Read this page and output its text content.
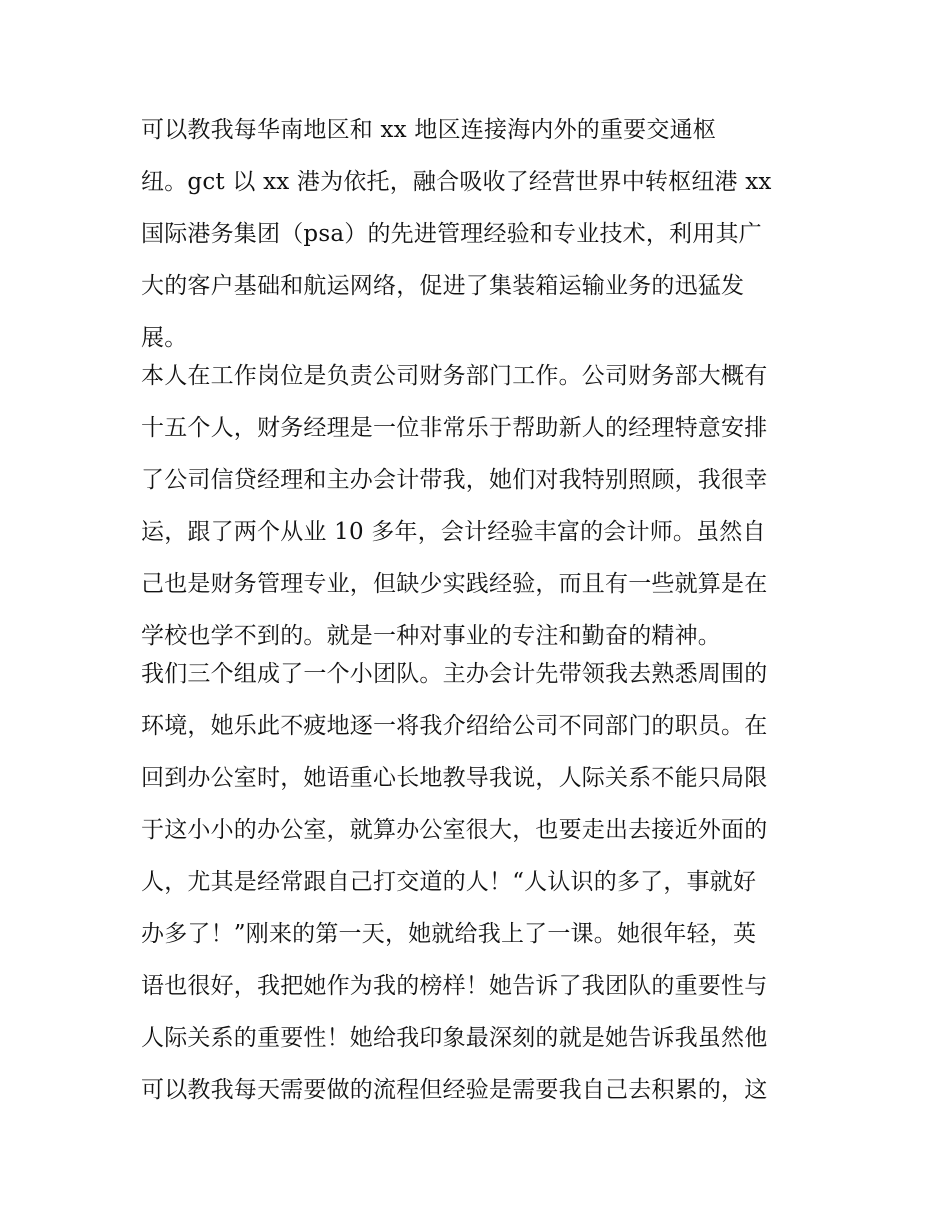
可以教我每华南地区和 xx 地区连接海内外的重要交通枢
纽。gct 以 xx 港为依托，融合吸收了经营世界中转枢纽港 xx
国际港务集团（psa）的先进管理经验和专业技术，利用其广
大的客户基础和航运网络，促进了集装箱运输业务的迅猛发
展。
本人在工作岗位是负责公司财务部门工作。公司财务部大概有
十五个人，财务经理是一位非常乐于帮助新人的经理特意安排
了公司信贷经理和主办会计带我，她们对我特别照顾，我很幸
运，跟了两个从业 10 多年，会计经验丰富的会计师。虽然自
己也是财务管理专业，但缺少实践经验，而且有一些就算是在
学校也学不到的。就是一种对事业的专注和勤奋的精神。
我们三个组成了一个小团队。主办会计先带领我去熟悉周围的
环境，她乐此不疲地逐一将我介绍给公司不同部门的职员。在
回到办公室时，她语重心长地教导我说，人际关系不能只局限
于这小小的办公室，就算办公室很大，也要走出去接近外面的
人，尤其是经常跟自己打交道的人！“人认识的多了，事就好
办多了！”刚来的第一天，她就给我上了一课。她很年轻，英
语也很好，我把她作为我的榜样！她告诉了我团队的重要性与
人际关系的重要性！她给我印象最深刻的就是她告诉我虽然他
可以教我每天需要做的流程但经验是需要我自己去积累的，这
